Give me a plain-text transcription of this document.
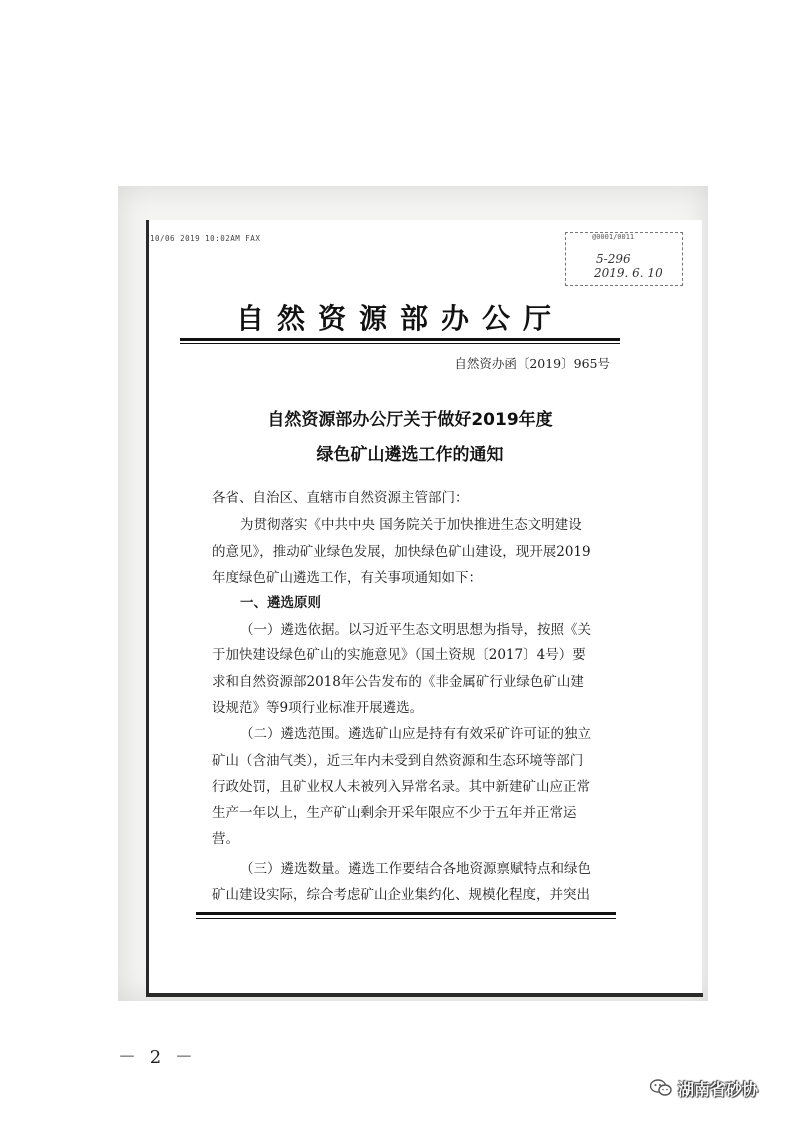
10/06 2019 10:02AM FAX	@0001/0011
5-296
2019. 6. 10
自然资源部办公厅
自然资办函〔2019〕965号
自然资源部办公厅关于做好2019年度
绿色矿山遴选工作的通知
各省、自治区、直辖市自然资源主管部门：
为贯彻落实《中共中央 国务院关于加快推进生态文明建设
的意见》，推动矿业绿色发展，加快绿色矿山建设，现开展2019
年度绿色矿山遴选工作，有关事项通知如下：
一、遴选原则
（一）遴选依据。以习近平生态文明思想为指导，按照《关
于加快建设绿色矿山的实施意见》（国土资规〔2017〕4号）要
求和自然资源部2018年公告发布的《非金属矿行业绿色矿山建
设规范》等9项行业标准开展遴选。
（二）遴选范围。遴选矿山应是持有有效采矿许可证的独立
矿山（含油气类），近三年内未受到自然资源和生态环境等部门
行政处罚，且矿业权人未被列入异常名录。其中新建矿山应正常
生产一年以上，生产矿山剩余开采年限应不少于五年并正常运
营。
（三）遴选数量。遴选工作要结合各地资源禀赋特点和绿色
矿山建设实际，综合考虑矿山企业集约化、规模化程度，并突出
－ 2 －
湖南省砂协
